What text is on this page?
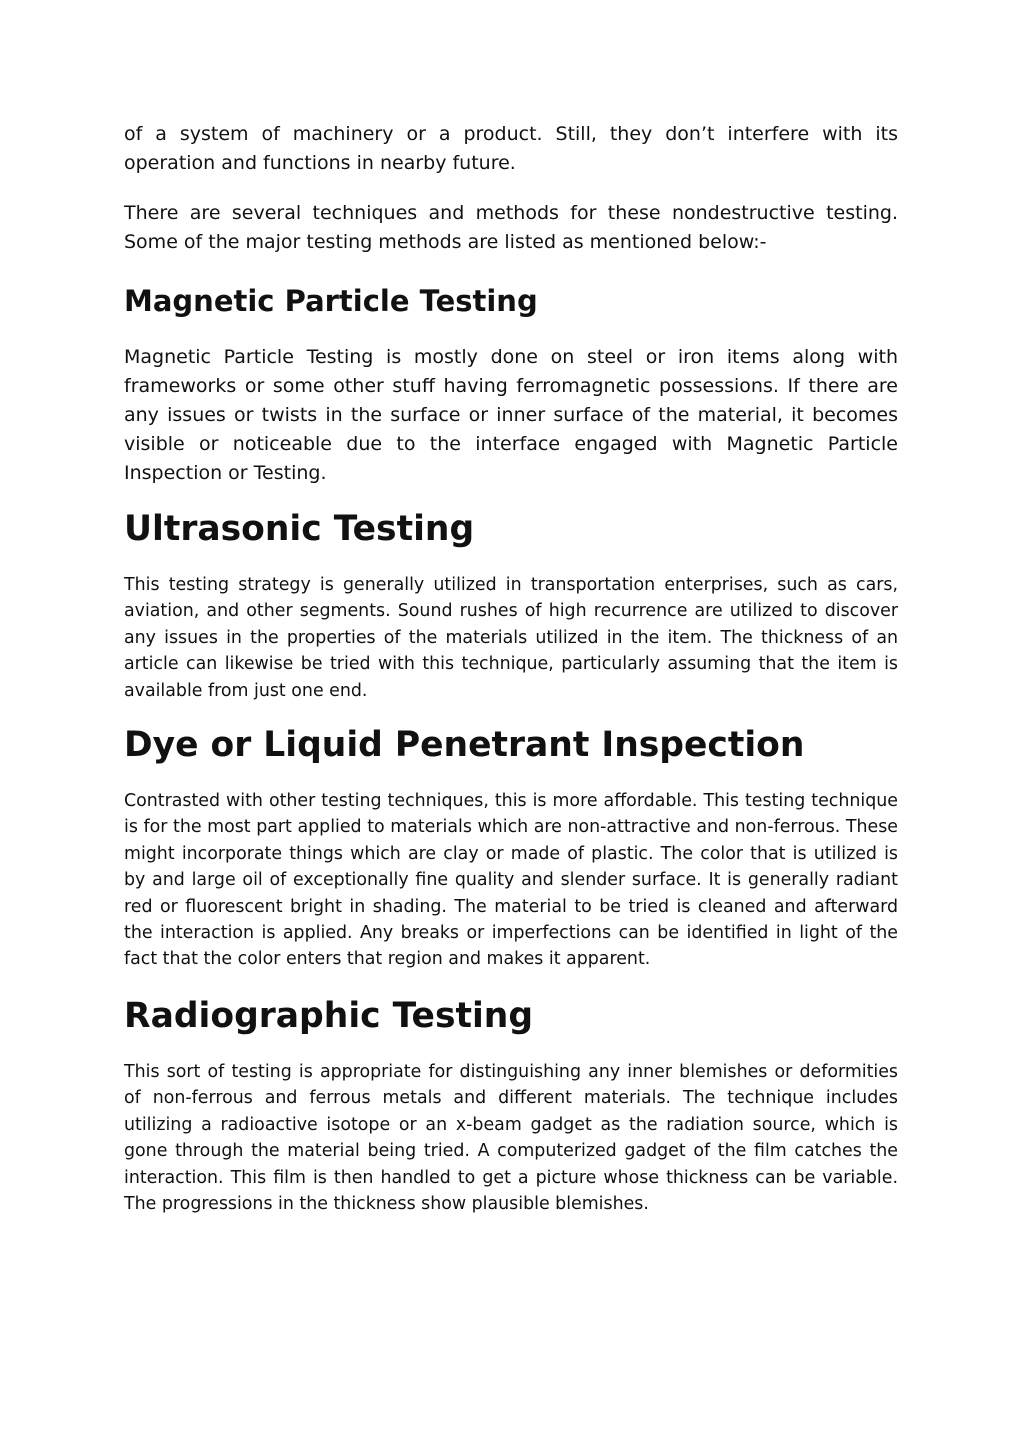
of a system of machinery or a product. Still, they don’t interfere with its operation and functions in nearby future.

There are several techniques and methods for these nondestructive testing. Some of the major testing methods are listed as mentioned below:-

Magnetic Particle Testing

Magnetic Particle Testing is mostly done on steel or iron items along with frameworks or some other stuff having ferromagnetic possessions. If there are any issues or twists in the surface or inner surface of the material, it becomes visible or noticeable due to the interface engaged with Magnetic Particle Inspection or Testing.

Ultrasonic Testing

This testing strategy is generally utilized in transportation enterprises, such as cars, aviation, and other segments. Sound rushes of high recurrence are utilized to discover any issues in the properties of the materials utilized in the item. The thickness of an article can likewise be tried with this technique, particularly assuming that the item is available from just one end.

Dye or Liquid Penetrant Inspection

Contrasted with other testing techniques, this is more affordable. This testing technique is for the most part applied to materials which are non-attractive and non-ferrous. These might incorporate things which are clay or made of plastic. The color that is utilized is by and large oil of exceptionally fine quality and slender surface. It is generally radiant red or fluorescent bright in shading. The material to be tried is cleaned and afterward the interaction is applied. Any breaks or imperfections can be identified in light of the fact that the color enters that region and makes it apparent.

Radiographic Testing

This sort of testing is appropriate for distinguishing any inner blemishes or deformities of non-ferrous and ferrous metals and different materials. The technique includes utilizing a radioactive isotope or an x-beam gadget as the radiation source, which is gone through the material being tried. A computerized gadget of the film catches the interaction. This film is then handled to get a picture whose thickness can be variable. The progressions in the thickness show plausible blemishes.
